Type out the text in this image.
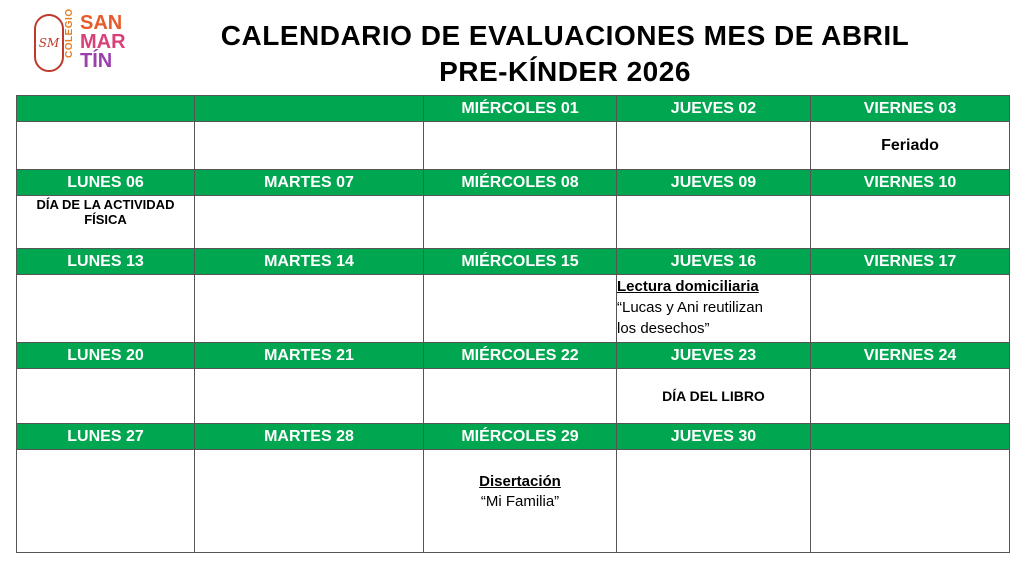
SM COLEGIO SAN
MAR
TÍN
CALENDARIO DE EVALUACIONES MES DE ABRIL
PRE-KÍNDER 2026
		MIÉRCOLES 01	JUEVES 02	VIERNES 03
				Feriado
LUNES 06	MARTES 07	MIÉRCOLES 08	JUEVES 09	VIERNES 10

DÍA DE LA ACTIVIDAD
FÍSICA				

LUNES 13	MARTES 14	MIÉRCOLES 15	JUEVES 16	VIERNES 17

			Lectura domiciliaria
“Lucas y Ani reutilizan
los desechos”	

LUNES 20	MARTES 21	MIÉRCOLES 22	JUEVES 23	VIERNES 24
			DÍA DEL LIBRO	
LUNES 27	MARTES 28	MIÉRCOLES 29	JUEVES 30	

		Disertación
“Mi Familia”		
